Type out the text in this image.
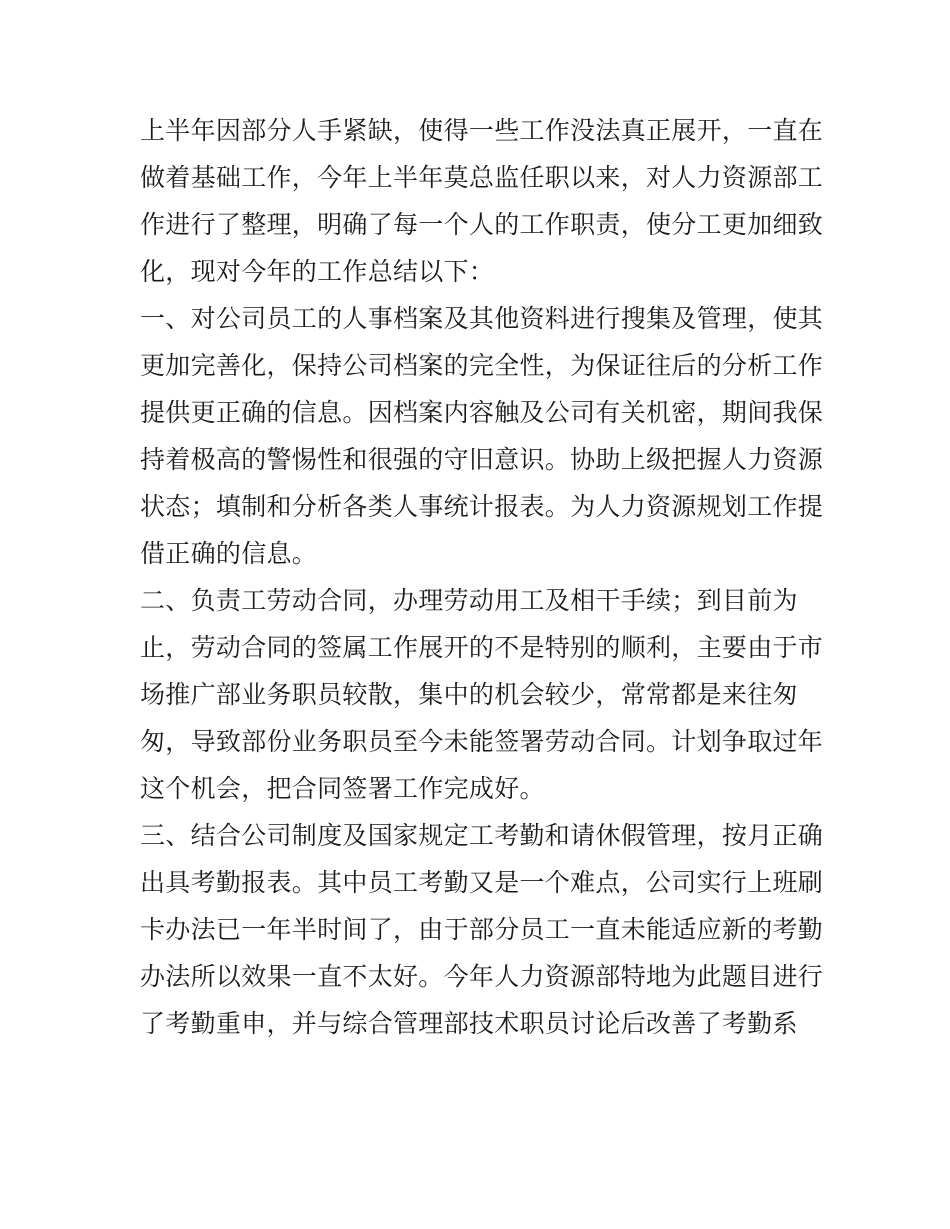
上半年因部分人手紧缺，使得一些工作没法真正展开，一直在
做着基础工作，今年上半年莫总监任职以来，对人力资源部工
作进行了整理，明确了每一个人的工作职责，使分工更加细致
化，现对今年的工作总结以下：
一、对公司员工的人事档案及其他资料进行搜集及管理，使其
更加完善化，保持公司档案的完全性，为保证往后的分析工作
提供更正确的信息。因档案内容触及公司有关机密，期间我保
持着极高的警惕性和很强的守旧意识。协助上级把握人力资源
状态；填制和分析各类人事统计报表。为人力资源规划工作提
借正确的信息。
二、负责工劳动合同，办理劳动用工及相干手续；到目前为
止，劳动合同的签属工作展开的不是特别的顺利，主要由于市
场推广部业务职员较散，集中的机会较少，常常都是来往匆
匆，导致部份业务职员至今未能签署劳动合同。计划争取过年
这个机会，把合同签署工作完成好。
三、结合公司制度及国家规定工考勤和请休假管理，按月正确
出具考勤报表。其中员工考勤又是一个难点，公司实行上班刷
卡办法已一年半时间了，由于部分员工一直未能适应新的考勤
办法所以效果一直不太好。今年人力资源部特地为此题目进行
了考勤重申，并与综合管理部技术职员讨论后改善了考勤系
